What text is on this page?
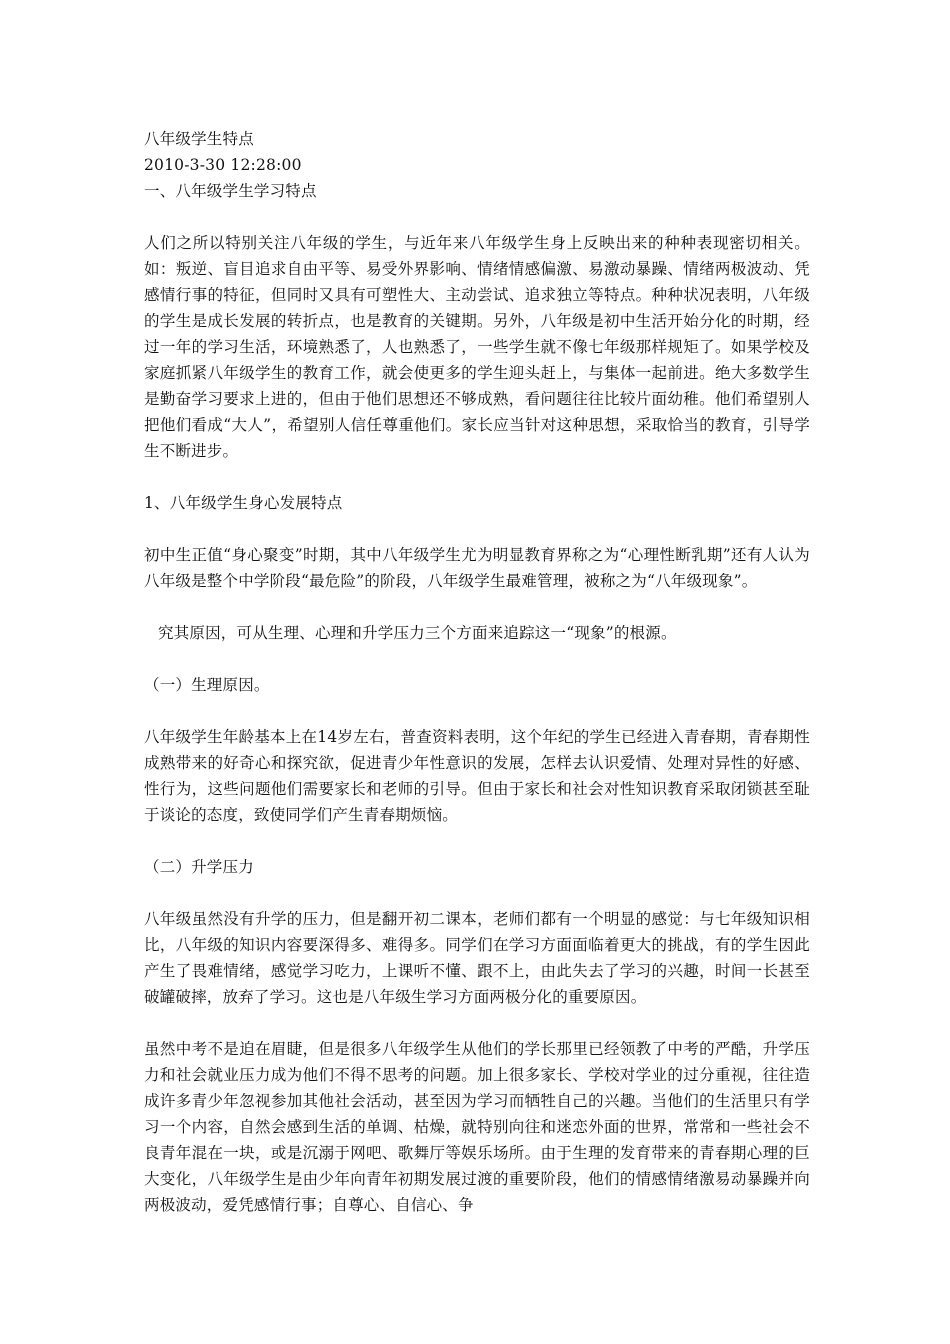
八年级学生特点
2010-3-30 12:28:00
一、八年级学生学习特点

人们之所以特别关注八年级的学生，与近年来八年级学生身上反映出来的种种表现密切相关。如：叛逆、盲目追求自由平等、易受外界影响、情绪情感偏激、易激动暴躁、情绪两极波动、凭感情行事的特征，但同时又具有可塑性大、主动尝试、追求独立等特点。种种状况表明，八年级的学生是成长发展的转折点，也是教育的关键期。另外，八年级是初中生活开始分化的时期，经过一年的学习生活，环境熟悉了，人也熟悉了，一些学生就不像七年级那样规矩了。如果学校及家庭抓紧八年级学生的教育工作，就会使更多的学生迎头赶上，与集体一起前进。绝大多数学生是勤奋学习要求上进的，但由于他们思想还不够成熟，看问题往往比较片面幼稚。他们希望别人把他们看成“大人”，希望别人信任尊重他们。家长应当针对这种思想，采取恰当的教育，引导学生不断进步。

1、八年级学生身心发展特点

初中生正值“身心聚变”时期，其中八年级学生尤为明显教育界称之为“心理性断乳期”还有人认为八年级是整个中学阶段“最危险”的阶段，八年级学生最难管理，被称之为“八年级现象”。

究其原因，可从生理、心理和升学压力三个方面来追踪这一“现象”的根源。

（一）生理原因。

八年级学生年龄基本上在14岁左右，普查资料表明，这个年纪的学生已经进入青春期，青春期性成熟带来的好奇心和探究欲，促进青少年性意识的发展，怎样去认识爱情、处理对异性的好感、性行为，这些问题他们需要家长和老师的引导。但由于家长和社会对性知识教育采取闭锁甚至耻于谈论的态度，致使同学们产生青春期烦恼。

（二）升学压力

八年级虽然没有升学的压力，但是翻开初二课本，老师们都有一个明显的感觉：与七年级知识相比，八年级的知识内容要深得多、难得多。同学们在学习方面面临着更大的挑战，有的学生因此产生了畏难情绪，感觉学习吃力，上课听不懂、跟不上，由此失去了学习的兴趣，时间一长甚至破罐破摔，放弃了学习。这也是八年级生学习方面两极分化的重要原因。

虽然中考不是迫在眉睫，但是很多八年级学生从他们的学长那里已经领教了中考的严酷，升学压力和社会就业压力成为他们不得不思考的问题。加上很多家长、学校对学业的过分重视，往往造成许多青少年忽视参加其他社会活动，甚至因为学习而牺牲自己的兴趣。当他们的生活里只有学习一个内容，自然会感到生活的单调、枯燥，就特别向往和迷恋外面的世界，常常和一些社会不良青年混在一块，或是沉溺于网吧、歌舞厅等娱乐场所。由于生理的发育带来的青春期心理的巨大变化，八年级学生是由少年向青年初期发展过渡的重要阶段，他们的情感情绪激易动暴躁并向两极波动，爱凭感情行事；自尊心、自信心、争
